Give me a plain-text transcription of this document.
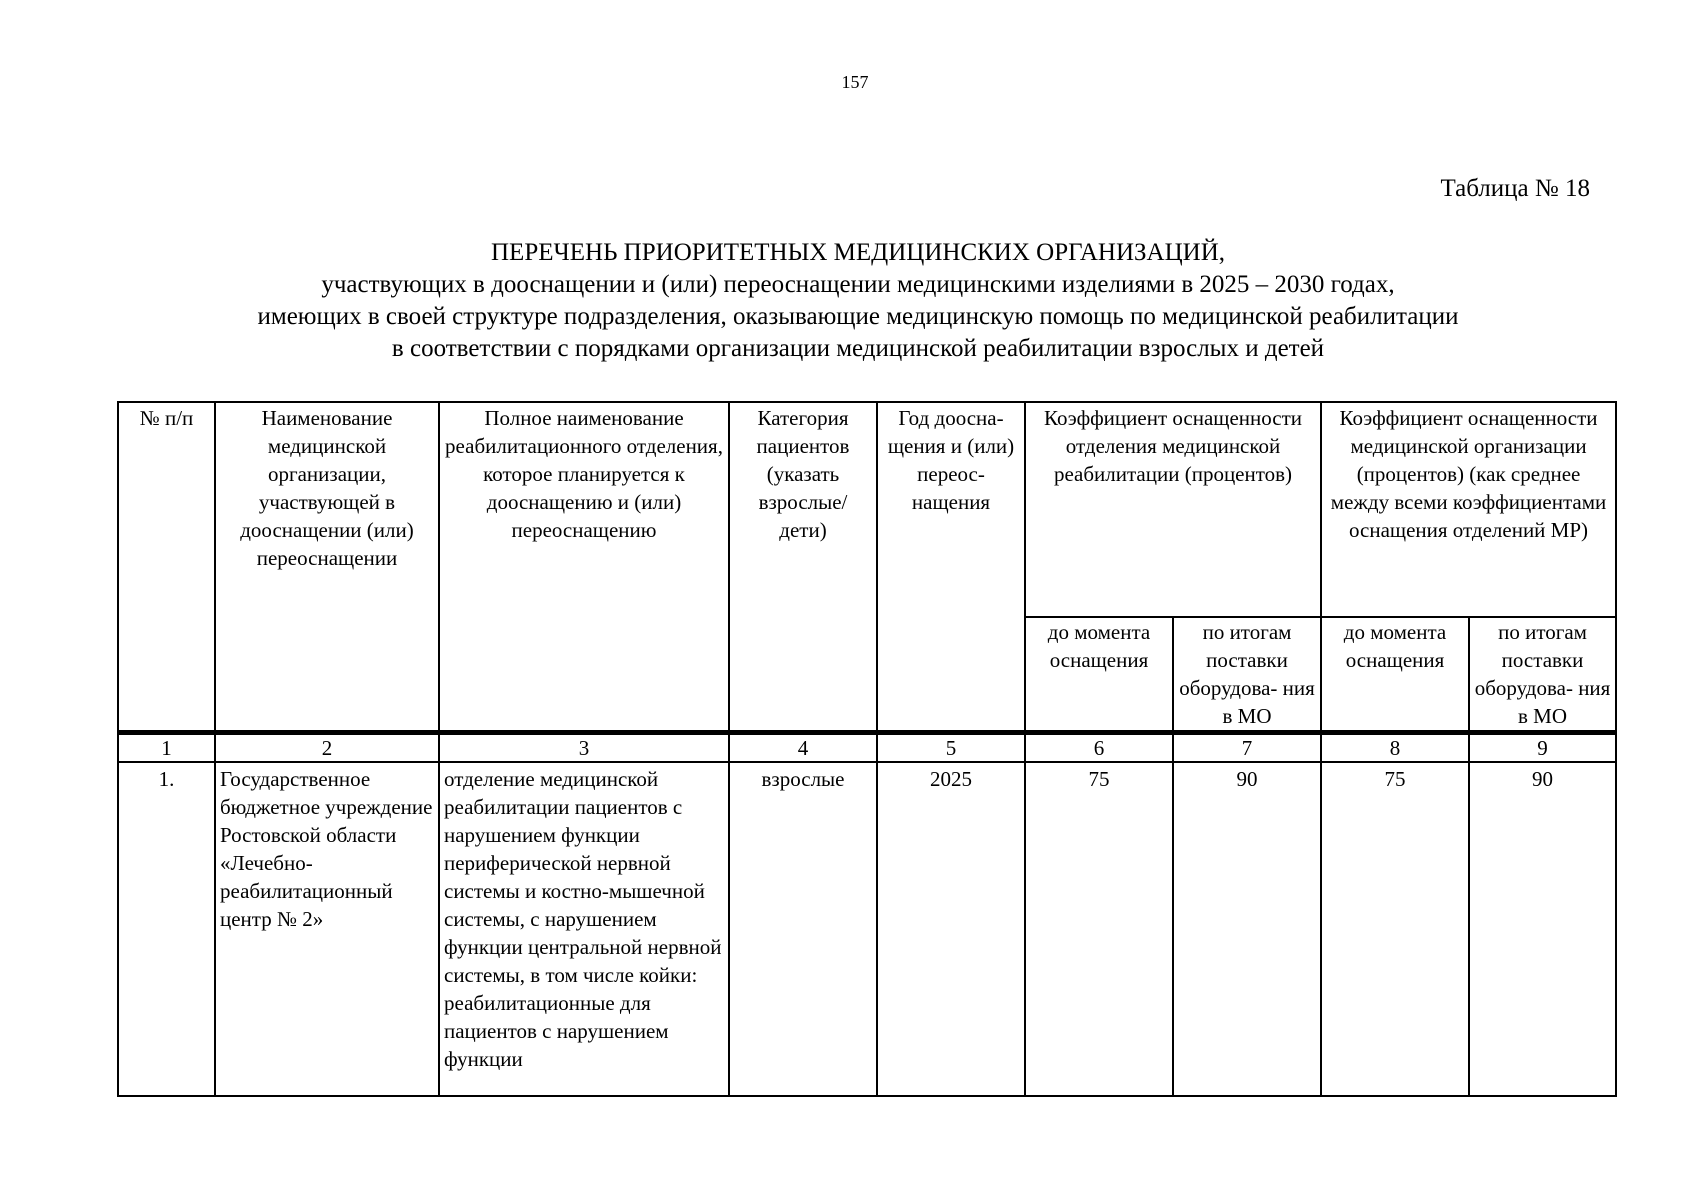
157
Таблица № 18
ПЕРЕЧЕНЬ ПРИОРИТЕТНЫХ МЕДИЦИНСКИХ ОРГАНИЗАЦИЙ,
участвующих в дооснащении и (или) переоснащении медицинскими изделиями в 2025 – 2030 годах,
имеющих в своей структуре подразделения, оказывающие медицинскую помощь по медицинской реабилитации
в соответствии с порядками организации медицинской реабилитации взрослых и детей
№ п/п	Наименование медицинской организации, участвующей в дооснащении (или) переоснащении	Полное наименование реабилитационного отделения, которое планируется к дооснащению и (или) переоснащению	Категория пациентов (указать взрослые/ дети)	Год доосна- щения и (или) переос- нащения	Коэффициент оснащенности отделения медицинской реабилитации (процентов)		Коэффициент оснащенности медицинской организации (процентов) (как среднее между всеми коэффициентами оснащения отделений МР)	
					до момента оснащения	по итогам поставки оборудова- ния в МО	до момента оснащения	по итогам поставки оборудова- ния в МО
1	2	3	4	5	6	7	8	9
1.	Государственное бюджетное учреждение Ростовской области «Лечебно-реабилитационный центр № 2»	отделение медицинской реабилитации пациентов с нарушением функции периферической нервной системы и костно-мышечной системы, с нарушением функции центральной нервной системы, в том числе койки: реабилитационные для пациентов с нарушением функции	взрослые	2025	75	90	75	90
